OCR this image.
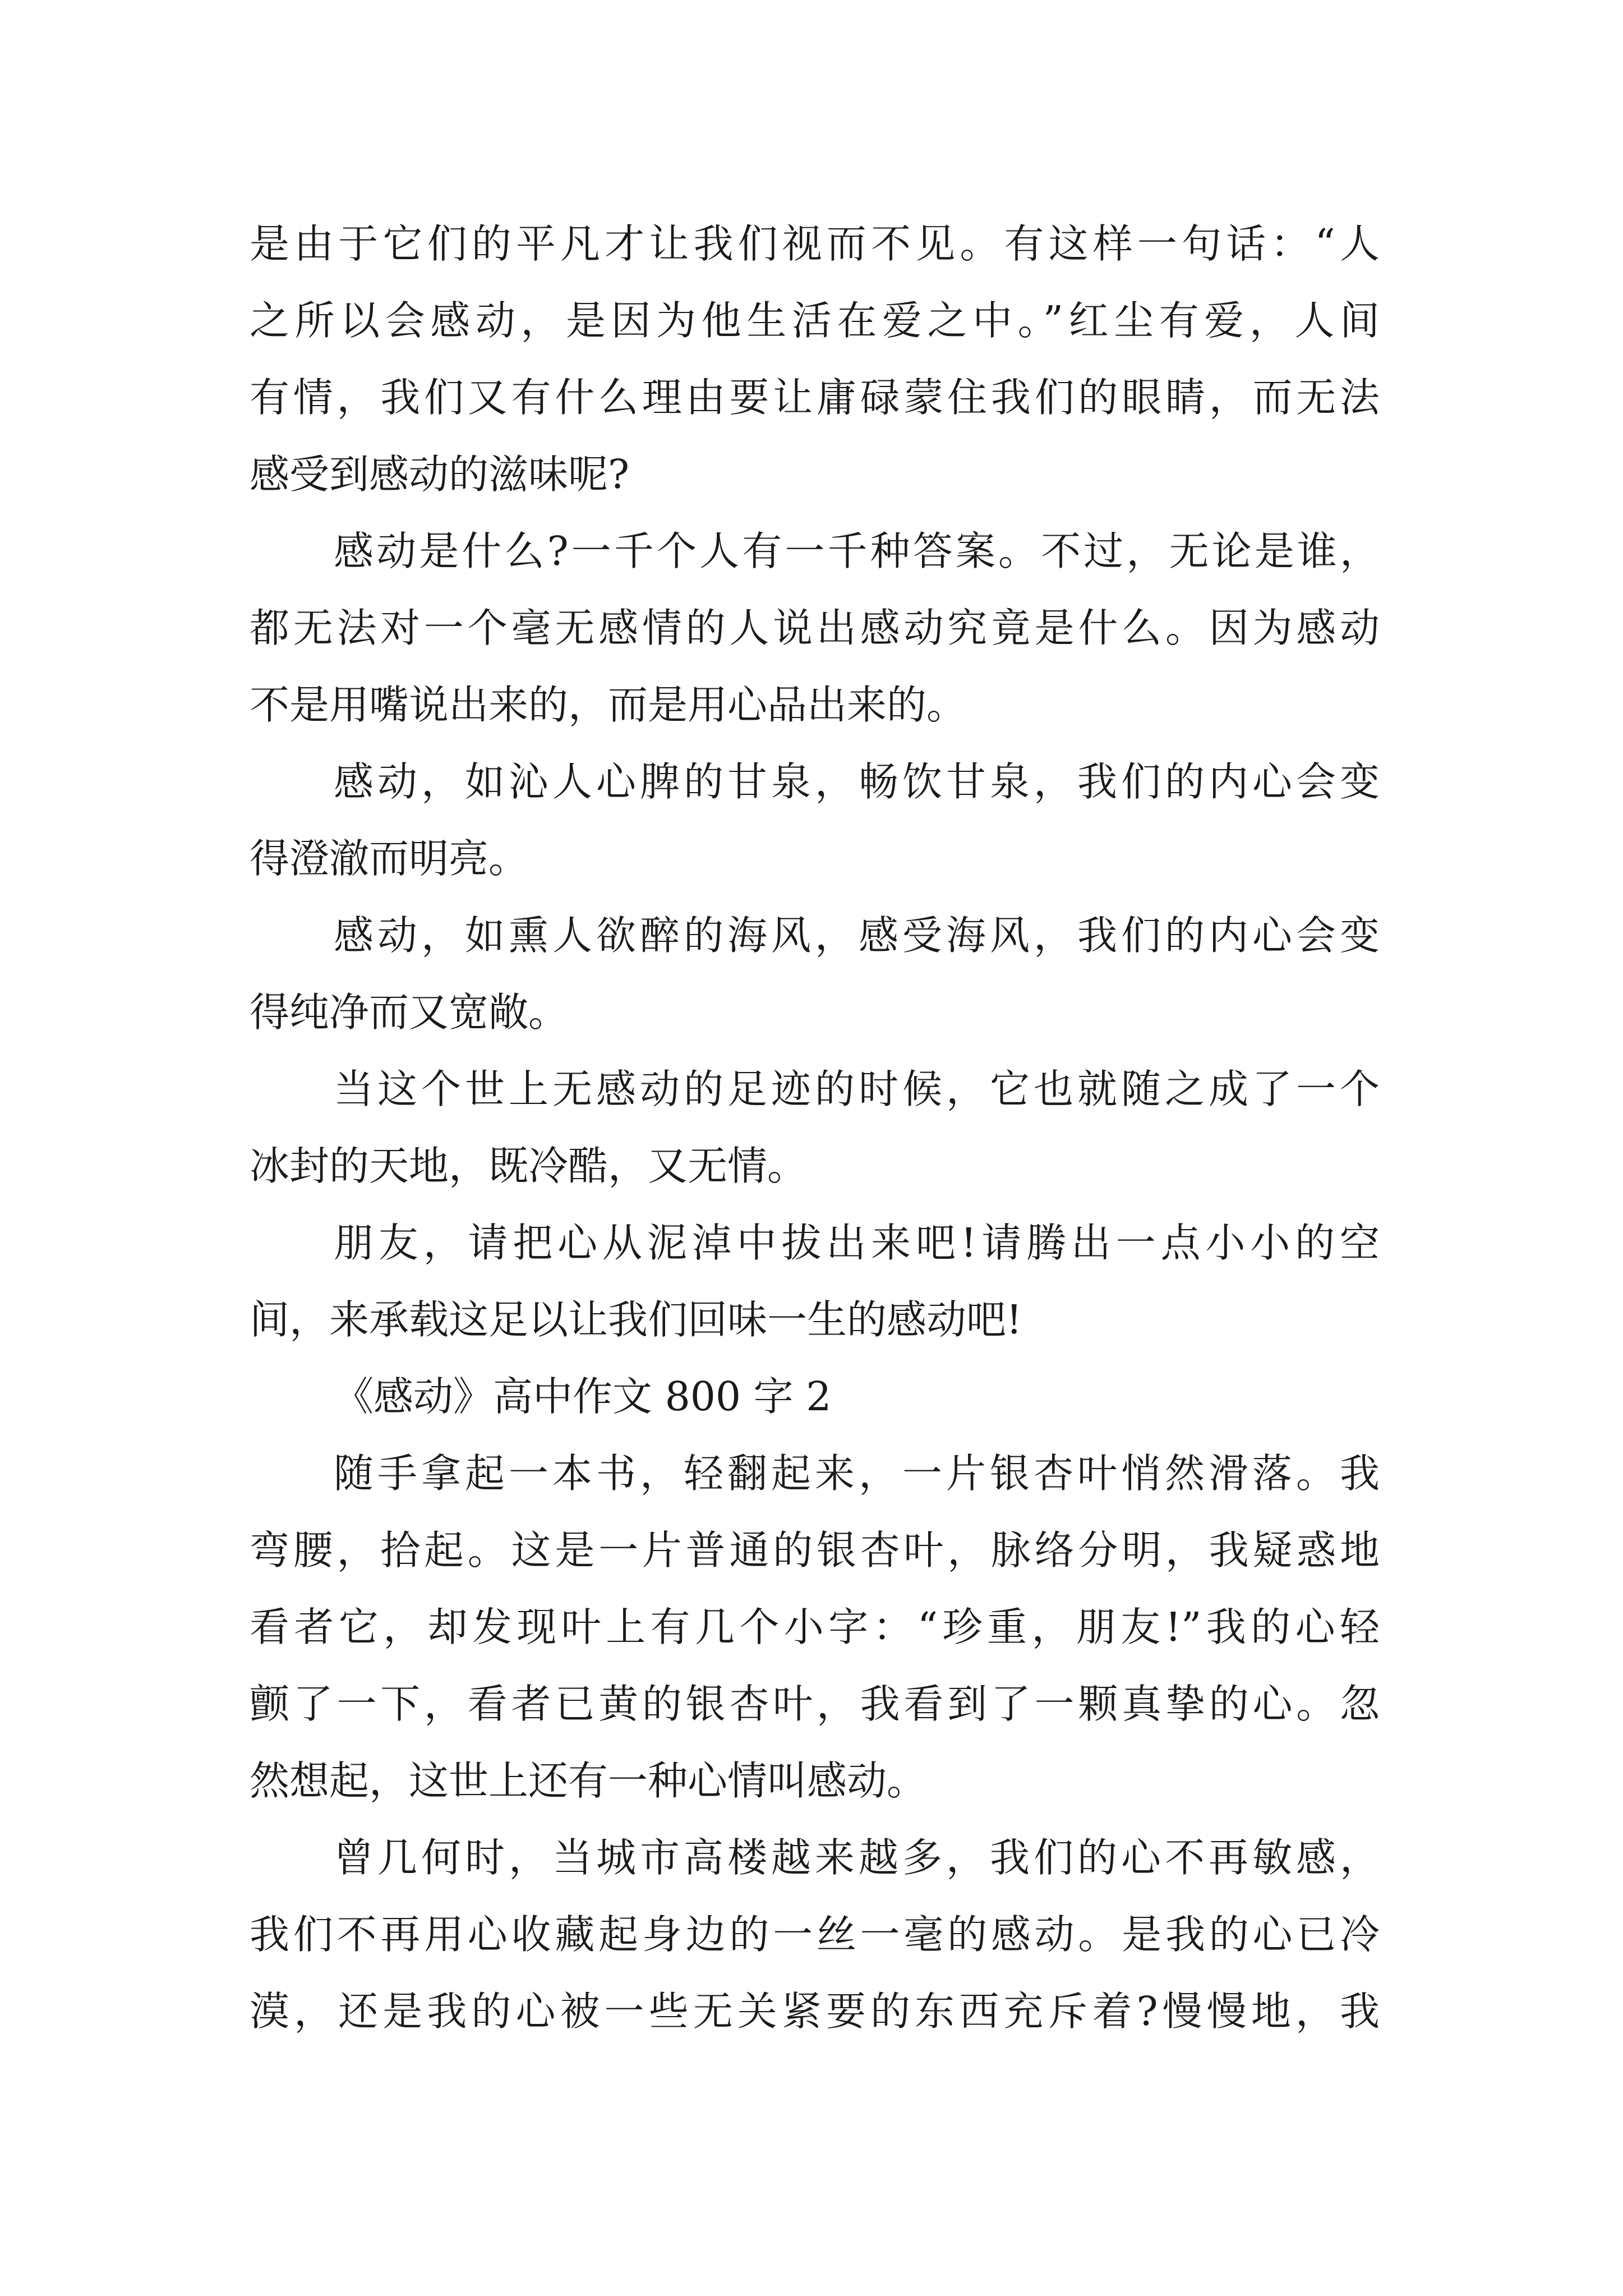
是由于它们的平凡才让我们视而不见。有这样一句话：“人
之所以会感动，是因为他生活在爱之中。”红尘有爱，人间
有情，我们又有什么理由要让庸碌蒙住我们的眼睛，而无法
感受到感动的滋味呢?
感动是什么?一千个人有一千种答案。不过，无论是谁，
都无法对一个毫无感情的人说出感动究竟是什么。因为感动
不是用嘴说出来的，而是用心品出来的。
感动，如沁人心脾的甘泉，畅饮甘泉，我们的内心会变
得澄澈而明亮。
感动，如熏人欲醉的海风，感受海风，我们的内心会变
得纯净而又宽敞。
当这个世上无感动的足迹的时候，它也就随之成了一个
冰封的天地，既冷酷，又无情。
朋友，请把心从泥淖中拔出来吧!请腾出一点小小的空
间，来承载这足以让我们回味一生的感动吧!
《感动》高中作文 800 字 2
随手拿起一本书，轻翻起来，一片银杏叶悄然滑落。我
弯腰，拾起。这是一片普通的银杏叶，脉络分明，我疑惑地
看者它，却发现叶上有几个小字：“珍重，朋友!”我的心轻
颤了一下，看者已黄的银杏叶，我看到了一颗真挚的心。忽
然想起，这世上还有一种心情叫感动。
曾几何时，当城市高楼越来越多，我们的心不再敏感，
我们不再用心收藏起身边的一丝一毫的感动。是我的心已冷
漠，还是我的心被一些无关紧要的东西充斥着?慢慢地，我
